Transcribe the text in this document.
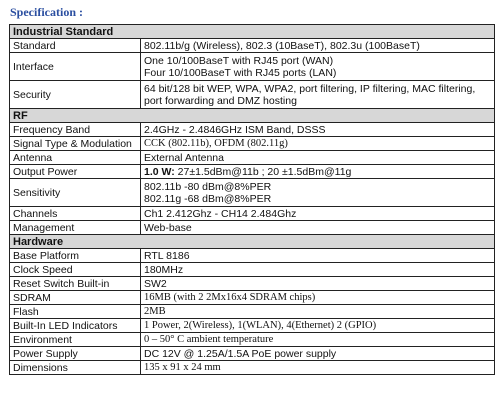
Specification :
Industrial Standard	
Standard	802.11b/g (Wireless), 802.3 (10BaseT), 802.3u (100BaseT)
Interface	One 10/100BaseT with RJ45 port (WAN)
Four 10/100BaseT with RJ45 ports (LAN)

Security	64 bit/128 bit WEP, WPA, WPA2, port filtering, IP filtering, MAC filtering, port forwarding and DMZ hosting
RF	
Frequency Band	2.4GHz - 2.4846GHz ISM Band, DSSS
Signal Type & Modulation	CCK (802.11b), OFDM (802.11g)
Antenna	External Antenna
Output Power	1.0 W: 27±1.5dBm@11b ; 20 ±1.5dBm@11g
Sensitivity	802.11b -80 dBm@8%PER
802.11g -68 dBm@8%PER

Channels	Ch1 2.412Ghz - CH14 2.484Ghz
Management	Web-base
Hardware	
Base Platform	RTL 8186
Clock Speed	180MHz
Reset Switch Built-in	SW2
SDRAM	16MB (with 2 2Mx16x4 SDRAM chips)
Flash	2MB
Built-In LED Indicators	1 Power, 2(Wireless), 1(WLAN), 4(Ethernet) 2 (GPIO)
Environment	0 – 50° C ambient temperature
Power Supply	DC 12V @ 1.25A/1.5A PoE power supply
Dimensions	135 x 91 x 24 mm
